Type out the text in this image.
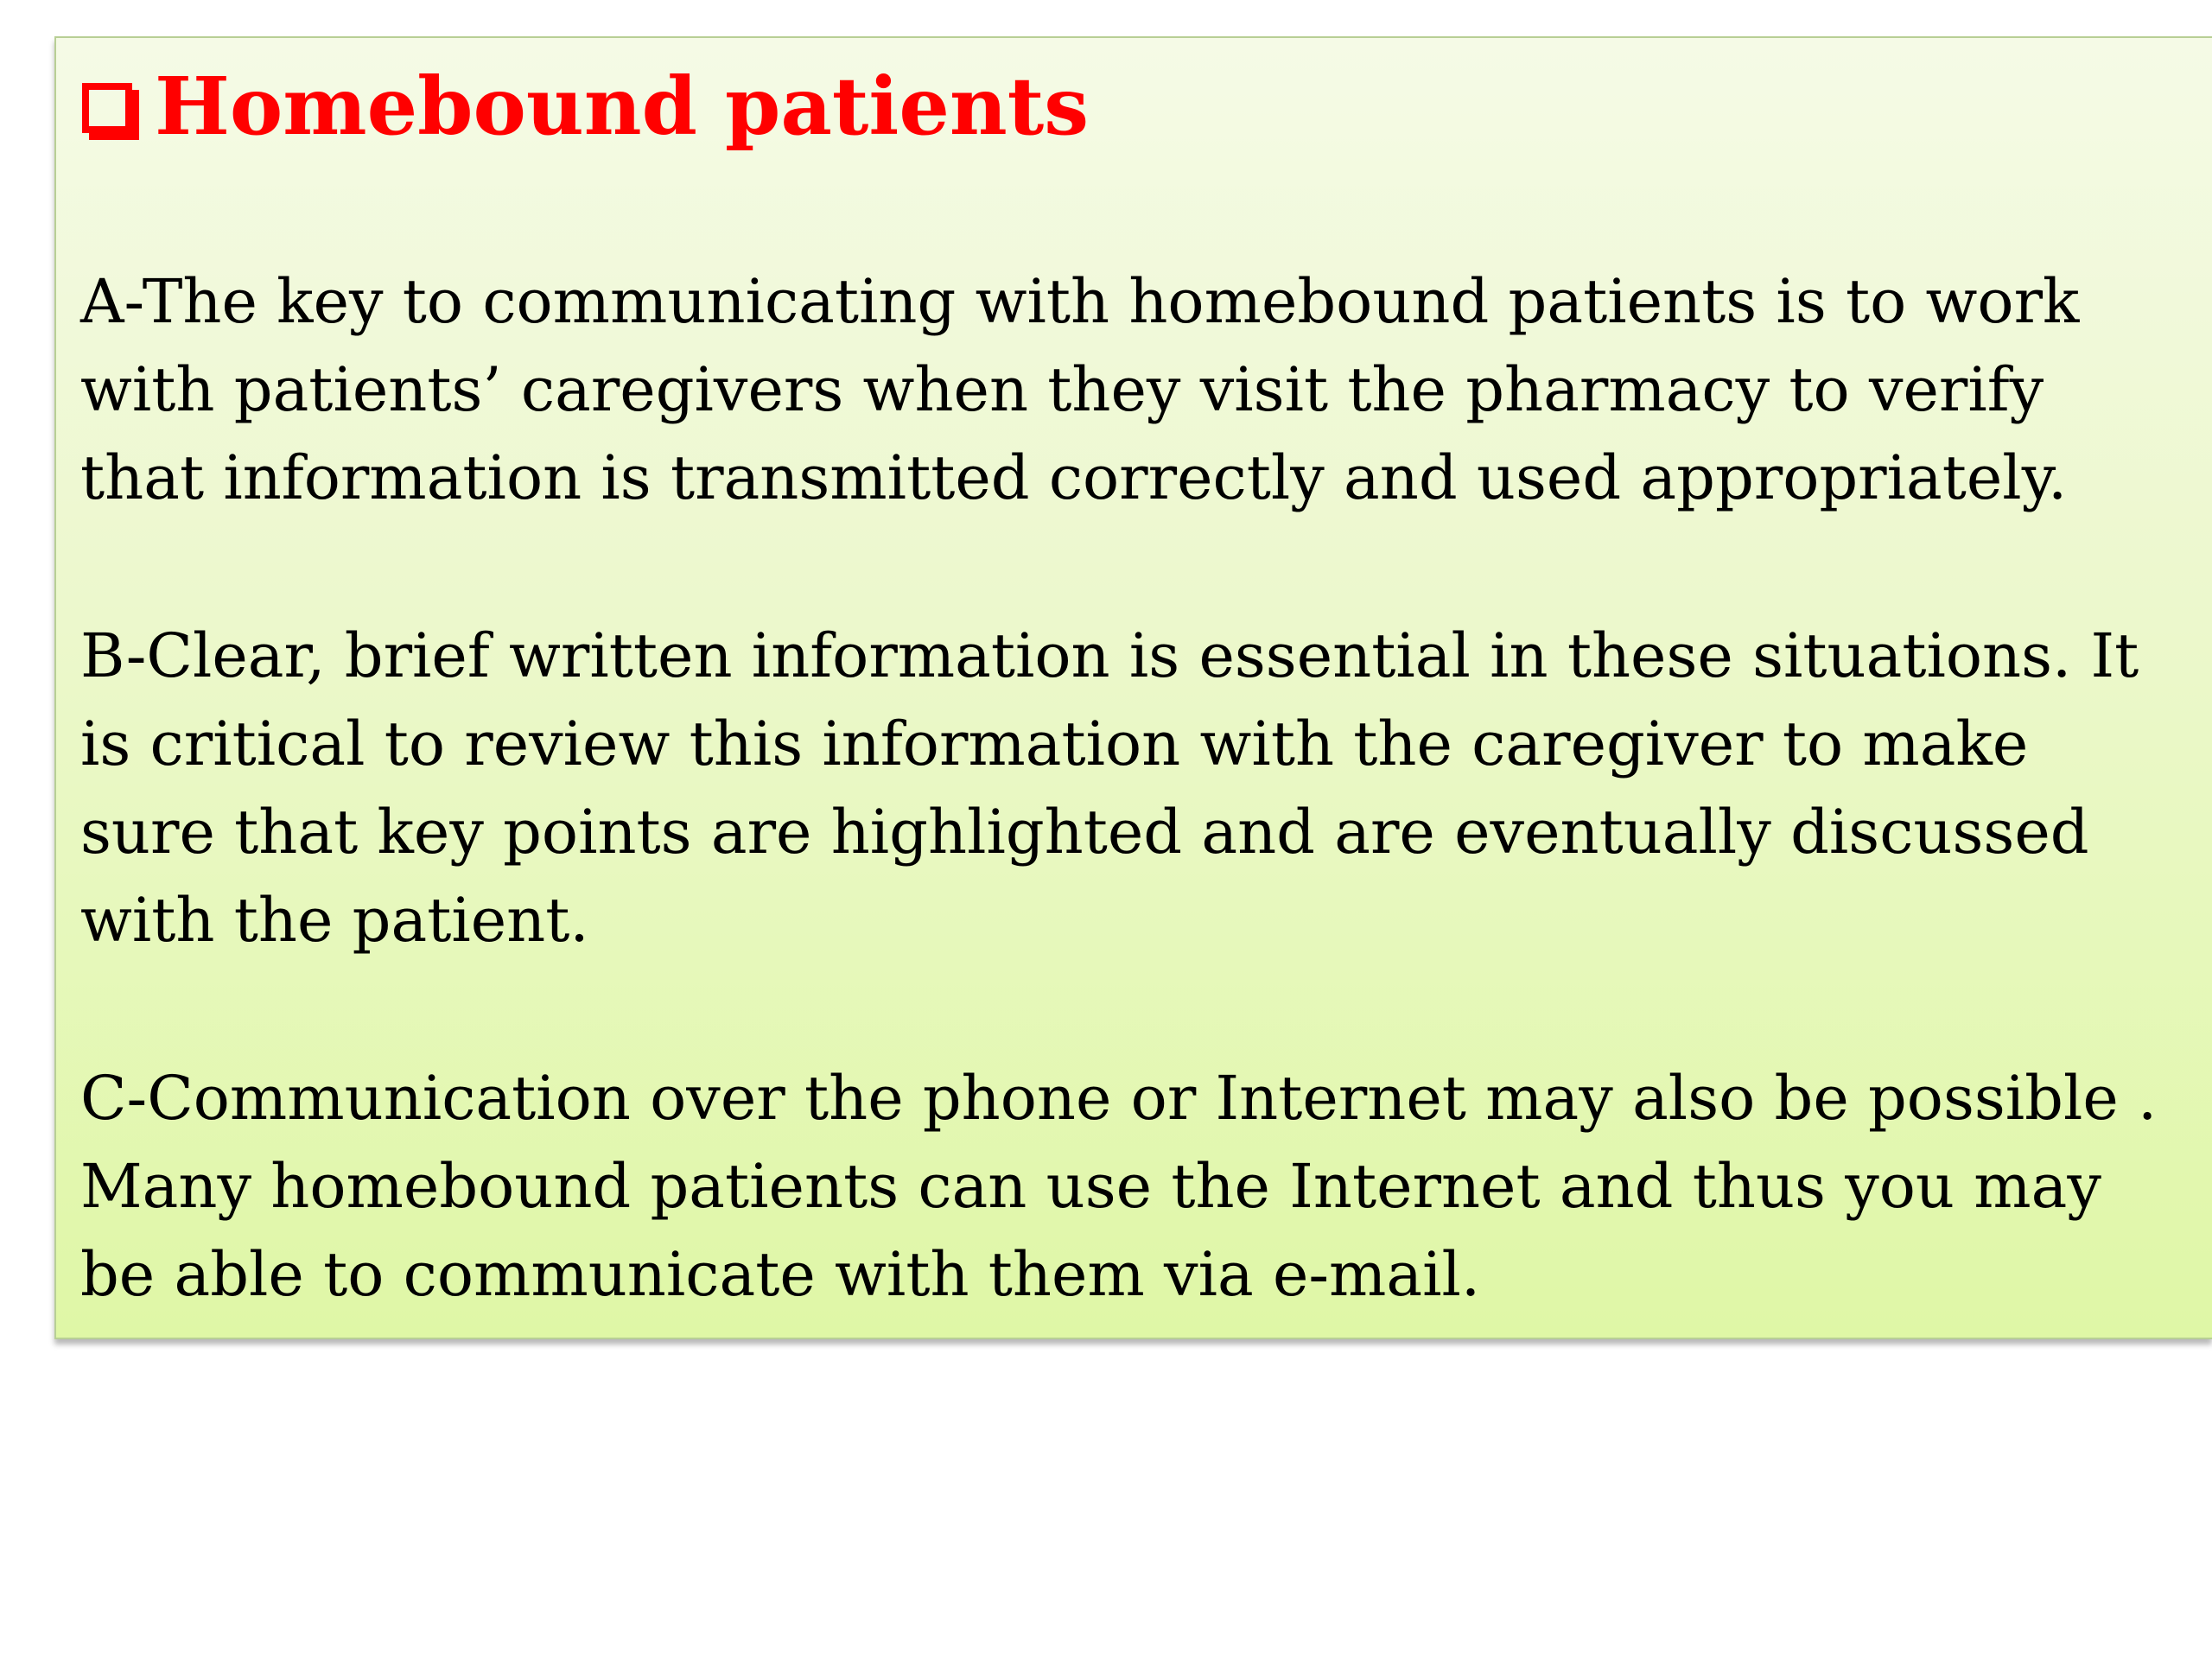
Homebound patients

A-The key to communicating with homebound patients is to work
with patients’ caregivers when they visit the pharmacy to verify
that information is transmitted correctly and used appropriately.

B-Clear, brief written information is essential in these situations. It
is critical to review this information with the caregiver to make
sure that key points are highlighted and are eventually discussed
with the patient.

C-Communication over the phone or Internet may also be possible .
Many homebound patients can use the Internet and thus you may
be able to communicate with them via e-mail.
